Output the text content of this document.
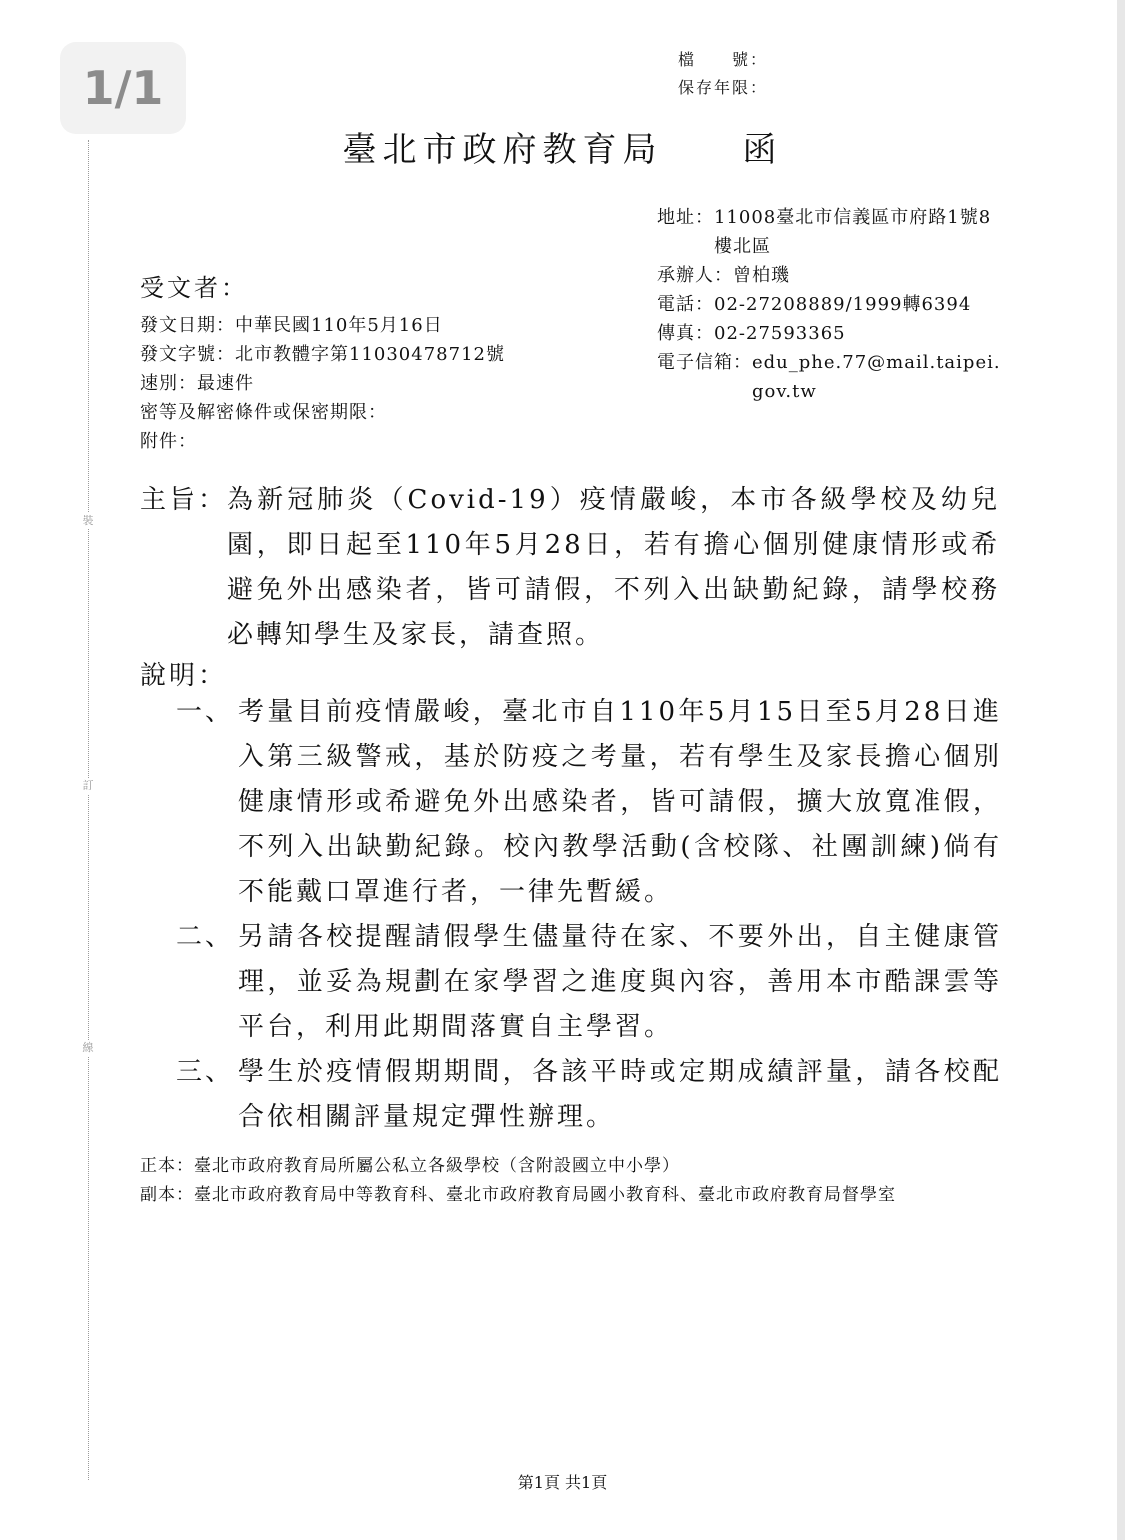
1/1
裝
訂
線
檔　　號：
保存年限：
臺北市政府教育局　　函
地址： 11008臺北市信義區市府路1號8樓北區
承辦人： 曾柏璣
電話： 02-27208889/1999轉6394
傳真： 02-27593365
電子信箱： edu_phe.77@mail.taipei.gov.tw
受文者：
發文日期：中華民國110年5月16日
發文字號：北市教體字第11030478712號
速別：最速件
密等及解密條件或保密期限：
附件：
主旨： 為新冠肺炎（Covid-19）疫情嚴峻，本市各級學校及幼兒園，即日起至110年5月28日，若有擔心個別健康情形或希避免外出感染者，皆可請假，不列入出缺勤紀錄，請學校務必轉知學生及家長，請查照。
說明：
一、 考量目前疫情嚴峻，臺北市自110年5月15日至5月28日進入第三級警戒，基於防疫之考量，若有學生及家長擔心個別健康情形或希避免外出感染者，皆可請假，擴大放寬准假，不列入出缺勤紀錄。校內教學活動(含校隊、社團訓練)倘有不能戴口罩進行者，一律先暫緩。
二、 另請各校提醒請假學生儘量待在家、不要外出，自主健康管理，並妥為規劃在家學習之進度與內容，善用本市酷課雲等平台，利用此期間落實自主學習。
三、 學生於疫情假期期間，各該平時或定期成績評量，請各校配合依相關評量規定彈性辦理。
正本： 臺北市政府教育局所屬公私立各級學校（含附設國立中小學）
副本： 臺北市政府教育局中等教育科、臺北市政府教育局國小教育科、臺北市政府教育局督學室
第1頁 共1頁
